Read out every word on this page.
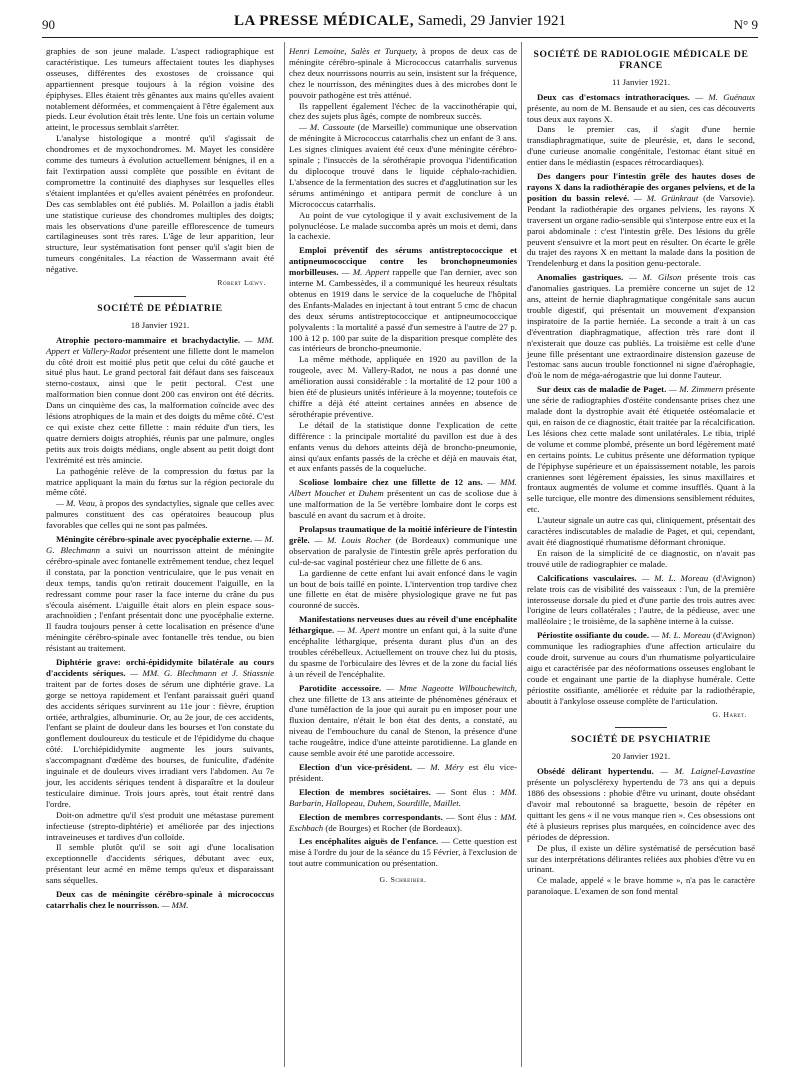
90	LA PRESSE MÉDICALE, Samedi, 29 Janvier 1921	N° 9

graphies de son jeune malade. L'aspect radiographique est caractéristique. Les tumeurs affectaient toutes les diaphyses osseuses, différentes des exostoses de croissance qui appartiennent presque toujours à la région voisine des épiphyses. Elles étaient très gênantes aux mains qu'elles avaient notablement déformées, et commençaient à l'être également aux pieds. Leur évolution était très lente. Une fois un certain volume atteint, le processus semblait s'arrêter.

L'analyse histologique a montré qu'il s'agissait de chondromes et de myxochondromes. M. Mayet les considère comme des tumeurs à évolution actuellement bénignes, il en a fait l'extirpation aussi complète que possible en évitant de compromettre la continuité des diaphyses sur lesquelles elles s'étaient implantées et qu'elles avaient pénétrées en profondeur. Des cas semblables ont été publiés. M. Polaillon a jadis établi une statistique curieuse des chondromes multiples des doigts; mais les observations d'une pareille efflorescence de tumeurs cartilagineuses sont très rares. L'âge de leur apparition, leur structure, leur systématisation font penser qu'il s'agit bien de tumeurs congénitales. La réaction de Wassermann avait été négative.

Robert Lœwy.
SOCIÉTÉ DE PÉDIATRIE
18 Janvier 1921.

Atrophie pectoro-mammaire et brachydactylie. — MM. Appert et Vallery-Radot présentent une fillette dont le mamelon du côté droit est moitié plus petit que celui du côté gauche et situé plus haut. Le grand pectoral fait défaut dans ses faisceaux sterno-costaux, ainsi que le petit pectoral. C'est une malformation bien connue dont 200 cas environ ont été décrits. Dans un cinquième des cas, la malformation coïncide avec des lésions atrophiques de la main et des doigts du même côté. C'est ce qui existe chez cette fillette : main réduite d'un tiers, les quatre derniers doigts atrophiés, réunis par une palmure, ongles petits aux trois doigts médians, ongle absent au petit doigt dont l'extrémité est très amincie.

La pathogénie relève de la compression du fœtus par la matrice appliquant la main du fœtus sur la région pectorale du même côté.

— M. Veau, à propos des syndactylies, signale que celles avec palmures constituent des cas opératoires beaucoup plus favorables que celles qui ne sont pas palmées.

Méningite cérébro-spinale avec pyocéphalie externe. — M. G. Blechmann a suivi un nourrisson atteint de méningite cérébro-spinale avec fontanelle extrêmement tendue, chez lequel il constata, par la ponction ventriculaire, que le pus venait en deux temps, tandis qu'on retirait doucement l'aiguille, en la redressant comme pour raser la face interne du crâne du pus s'écoula aisément. L'aiguille était alors en plein espace sous-arachnoïdien ; l'enfant présentait donc une pyocéphalie externe. Il faudra toujours penser à cette localisation en présence d'une méningite cérébro-spinale avec fontanelle très tendue, ou bien résistant au traitement.

Diphtérie grave: orchi-épididymite bilatérale au cours d'accidents sériques. — MM. G. Blechmann et J. Stiassnie traitent par de fortes doses de sérum une diphtérie grave. La gorge se nettoya rapidement et l'enfant paraissait guéri quand des accidents sériques survinrent au 11e jour : fièvre, éruption ortiée, arthralgies, albuminurie. Or, au 2e jour, de ces accidents, l'enfant se plaint de douleur dans les bourses et l'on constate du gonflement douloureux du testicule et de l'épididyme du chaque côté. L'orchiépididymite augmente les jours suivants, s'accompagnant d'œdème des bourses, de funiculite, d'adénite inguinale et de douleurs vives irradiant vers l'abdomen. Au 7e jour, les accidents sériques tendent à disparaître et la douleur testiculaire diminue. Trois jours après, tout était rentré dans l'ordre.

Doit-on admettre qu'il s'est produit une métastase purement infectieuse (strepto-diphtérie) et améliorée par des injections intraveineuses et tardives d'un colloïde.

Il semble plutôt qu'il se soit agi d'une localisation exceptionnelle d'accidents sériques, débutant avec eux, présentant leur acmé en même temps qu'eux et disparaissant sans séquelles.

Deux cas de méningite cérébro-spinale à micrococcus catarrhalis chez le nourrisson. — MM.

Henri Lemoine, Salès et Turquety, à propos de deux cas de méningite cérébro-spinale à Micrococcus catarrhalis survenus chez deux nourrissons nourris au sein, insistent sur la fréquence, chez le nourrisson, des méningites dues à des microbes dont le pouvoir pathogène est très atténué.

Ils rappellent également l'échec de la vaccinothérapie qui, chez des sujets plus âgés, compte de nombreux succès.

— M. Cassoute (de Marseille) communique une observation de méningite à Micrococcus catarrhalis chez un enfant de 3 ans. Les signes cliniques avaient été ceux d'une méningite cérébro-spinale ; l'insuccès de la sérothérapie provoqua l'identification du diplocoque trouvé dans le liquide céphalo-rachidien. L'absence de la fermentation des sucres et d'agglutination sur les sérums antiméningo et antipara permit de conclure à un Micrococcus catarrhalis.

Au point de vue cytologique il y avait exclusivement de la polynucléose. Le malade succomba après un mois et demi, dans la cachexie.

Emploi préventif des sérums antistreptococcique et antipneumococcique contre les bronchopneumonies morbilleuses. — M. Appert rappelle que l'an dernier, avec son interne M. Cambessèdes, il a communiqué les heureux résultats obtenus en 1919 dans le service de la coqueluche de l'hôpital des Enfants-Malades en injectant à tout entrant 5 cmc de chacun des deux sérums antistreptococcique et antipneumococcique polyvalents : la mortalité a passé d'un semestre à l'autre de 27 p. 100 à 12 p. 100 par suite de la disparition presque complète des cas intérieurs de broncho-pneumonie.

La même méthode, appliquée en 1920 au pavillon de la rougeole, avec M. Vallery-Radot, ne nous a pas donné une amélioration aussi considérable : la mortalité de 12 pour 100 a bien été de plusieurs unités inférieure à la moyenne; toutefois ce chiffre a déjà été atteint certaines années en absence de sérothérapie préventive.

Le détail de la statistique donne l'explication de cette différence : la principale mortalité du pavillon est due à des enfants venus du dehors atteints déjà de broncho-pneumonie, ainsi qu'aux enfants passés de la crèche et déjà en mauvais état, et aux enfants passés de la coqueluche.

Scoliose lombaire chez une fillette de 12 ans. — MM. Albert Mouchet et Duhem présentent un cas de scoliose due à une malformation de la 5e vertèbre lombaire dont le corps est basculé en avant du sacrum et à droite.

Prolapsus traumatique de la moitié inférieure de l'intestin grêle. — M. Louis Rocher (de Bordeaux) communique une observation de paralysie de l'intestin grêle après perforation du cul-de-sac vaginal postérieur chez une fillette de 6 ans.

La gardienne de cette enfant lui avait enfoncé dans le vagin un bout de bois taillé en pointe. L'intervention trop tardive chez une fillette en état de misère physiologique grave ne fut pas couronné de succès.

Manifestations nerveuses dues au réveil d'une encéphalite léthargique. — M. Apert montre un enfant qui, à la suite d'une encéphalite léthargique, présenta durant plus d'un an des troubles cérébelleux. Actuellement on trouve chez lui du ptosis, du spasme de l'orbiculaire des lèvres et de la zone du facial liés à un réveil de l'encéphalite.

Parotidite accessoire. — Mme Nageotte Wilbouchewitch, chez une fillette de 13 ans atteinte de phénomènes généraux et d'une tuméfaction de la joue qui aurait pu en imposer pour une fluxion dentaire, n'était le bon état des dents, a constaté, au niveau de l'embouchure du canal de Stenon, la présence d'une tache rougeâtre, indice d'une atteinte parotidienne. La glande en cause semble avoir été une parotide accessoire.

Election d'un vice-président. — M. Méry est élu vice-président.

Election de membres sociétaires. — Sont élus : MM. Barbarin, Hallopeau, Duhem, Sourdille, Maillet.

Election de membres correspondants. — Sont élus : MM. Eschbach (de Bourges) et Rocher (de Bordeaux).

Les encéphalites aiguës de l'enfance. — Cette question est mise à l'ordre du jour de la séance du 15 Février, à l'exclusion de tout autre communication ou présentation.

G. Schreiber.
SOCIÉTÉ DE RADIOLOGIE MÉDICALE DE FRANCE
11 Janvier 1921.

Deux cas d'estomacs intrathoraciques. — M. Guénaux présente, au nom de M. Bensaude et au sien, ces cas découverts tous deux aux rayons X.

Dans le premier cas, il s'agit d'une hernie transdiaphragmatique, suite de pleurésie, et, dans le second, d'une curieuse anomalie congénitale, l'estomac étant situé en entier dans le médiastin (espaces rétrocardiaques).

Des dangers pour l'intestin grêle des hautes doses de rayons X dans la radiothérapie des organes pelviens, et de la position du bassin relevé. — M. Grünkraut (de Varsovie). Pendant la radiothérapie des organes pelviens, les rayons X traversent un organe radio-sensible qui s'interpose entre eux et la paroi abdominale : c'est l'intestin grêle. Des lésions du grêle peuvent s'ensuivre et la mort peut en résulter. On écarte le grêle du trajet des rayons X en mettant la malade dans la position de Trendelenburg et dans la position genu-pectorale.

Anomalies gastriques. — M. Gilson présente trois cas d'anomalies gastriques. La première concerne un sujet de 12 ans, atteint de hernie diaphragmatique congénitale sans aucun trouble digestif, qui présentait un mouvement d'expansion inspiratoire de la partie herniée. La seconde a trait à un cas d'éventration diaphragmatique, affection très rare dont il n'existerait que douze cas publiés. La troisième est celle d'une jeune fille présentant une extraordinaire distension gazeuse de l'estomac sans aucun trouble fonctionnel ni signe d'aérophagie, d'où le nom de méga-aérogastrie que lui donne l'auteur.

Sur deux cas de maladie de Paget. — M. Zimmern présente une série de radiographies d'ostéite condensante prises chez une malade dont la dystrophie avait été étiquetée ostéomalacie et qui, en raison de ce diagnostic, était traitée par la récalcification. Les lésions chez cette malade sont unilatérales. Le tibia, triplé de volume et comme plombé, présente un bord légèrement maté en certains points. Le cubitus présente une déformation typique de l'épiphyse supérieure et un épaississement notable, les parois craniennes sont légèrement épaissies, les sinus maxillaires et frontaux augmentés de volume et comme insufflés. Quant à la selle turcique, elle montre des dimensions sensiblement réduites, etc.

L'auteur signale un autre cas qui, cliniquement, présentait des caractères indiscutables de maladie de Paget, et qui, cependant, avait été diagnostiqué rhumatisme déformant chronique.

En raison de la simplicité de ce diagnostic, on n'avait pas trouvé utile de radiographier ce malade.

Calcifications vasculaires. — M. L. Moreau (d'Avignon) relate trois cas de visibilité des vaisseaux : l'un, de la première interosseuse dorsale du pied et d'une partie des trois autres avec l'origine de leurs collatérales ; l'autre, de la pédieuse, avec une malléolaire ; le troisième, de la saphène interne à la cuisse.

Périostite ossifiante du coude. — M. L. Moreau (d'Avignon) communique les radiographies d'une affection articulaire du coude droit, survenue au cours d'un rhumatisme polyarticulaire aigu et caractérisée par des néoformations osseuses englobant le coude et engainant une partie de la diaphyse humérale. Cette périostite ossifiante, améliorée et réduite par la radiothérapie, aboutit à l'ankylose osseuse complète de l'articulation.

G. Haret.
SOCIÉTÉ DE PSYCHIATRIE
20 Janvier 1921.

Obsédé délirant hypertendu. — M. Laignel-Lavastine présente un polysclérexy hypertendu de 73 ans qui a depuis 1886 des obsessions : phobie d'être vu urinant, doute obsédant d'avoir mal reboutonné sa braguette, besoin de répéter en quittant les gens « il ne vous manque rien ». Ces obsessions ont été à plusieurs reprises plus marquées, en coïncidence avec des périodes de dépression.

De plus, il existe un délire systématisé de persécution basé sur des interprétations délirantes reliées aux phobies d'être vu en urinant.

Ce malade, appelé « le brave homme », n'a pas le caractère paranoïaque. L'examen de son fond mental
